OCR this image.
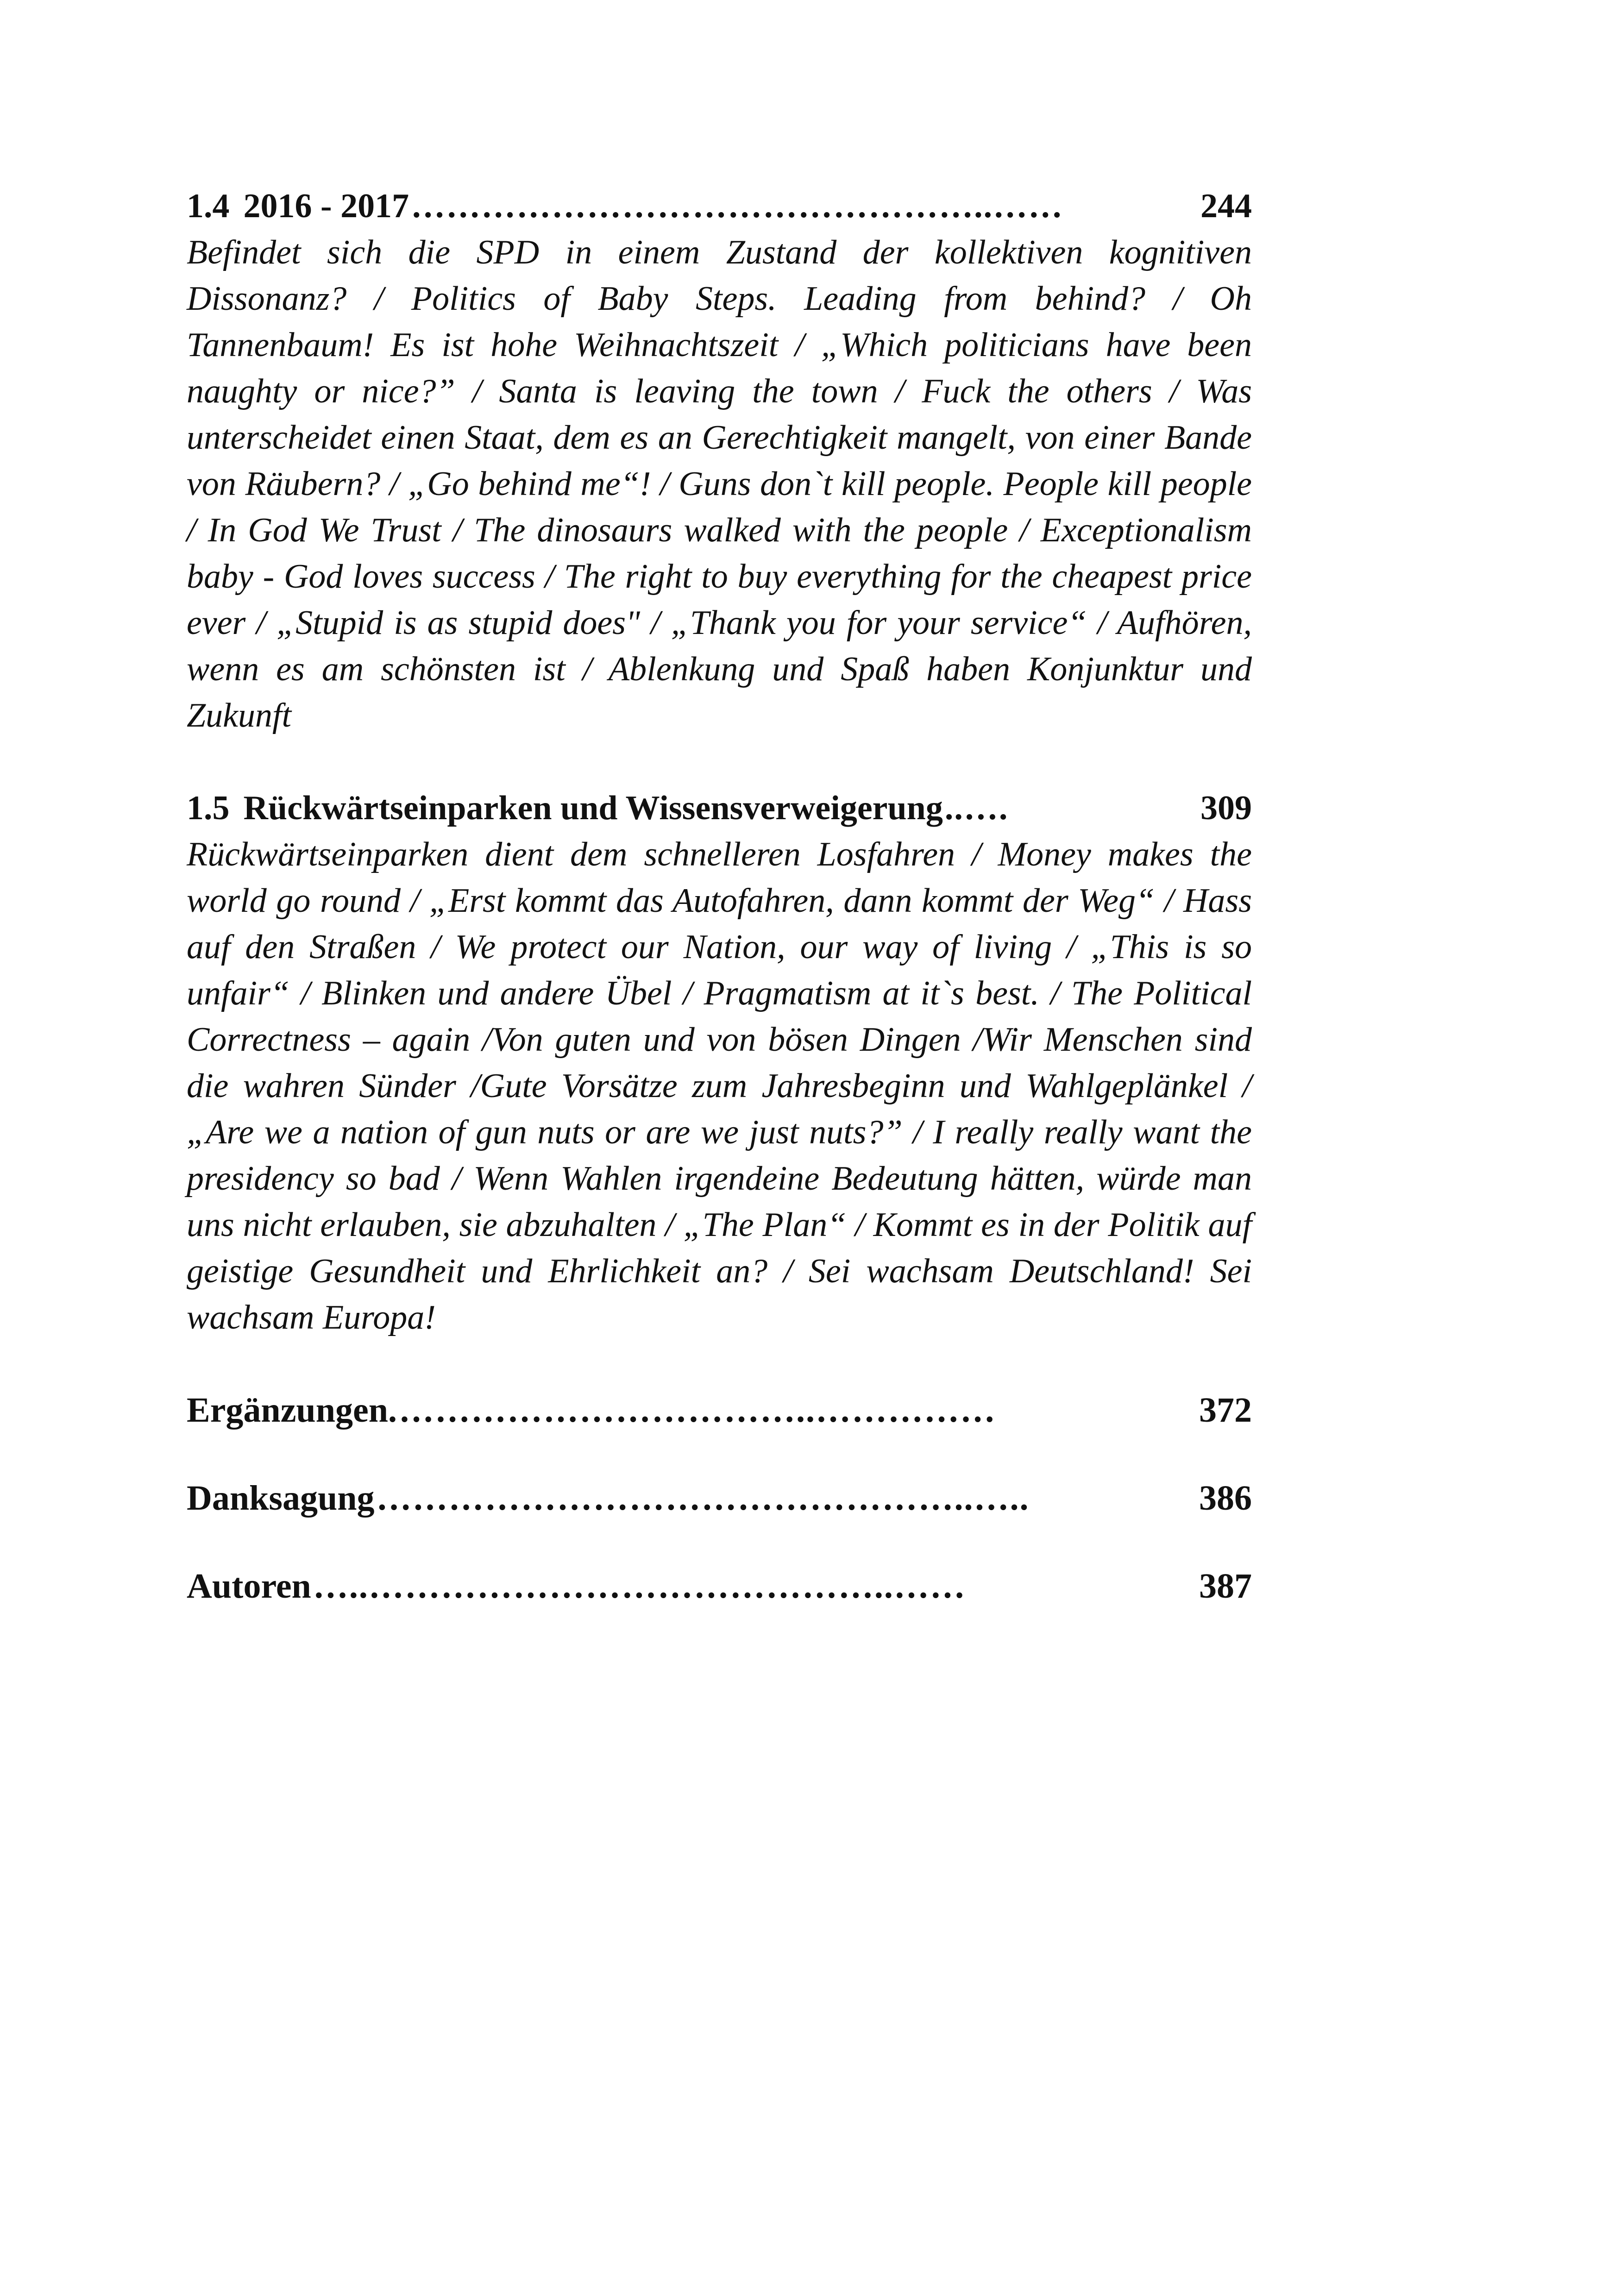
1.4 2016 - 2017 …………………………………………..……	244

Befindet sich die SPD in einem Zustand der kollektiven kognitiven Dissonanz? / Politics of Baby Steps. Leading from behind? / Oh Tannenbaum! Es ist hohe Weihnachtszeit / „Which politicians have been naughty or nice?” / Santa is leaving the town / Fuck the others / Was unterscheidet einen Staat, dem es an Gerechtigkeit mangelt, von einer Bande von Räubern? / „Go behind me“! / Guns don`t kill people. People kill people / In God We Trust / The dinosaurs walked with the people / Exceptionalism baby - God loves success / The right to buy everything for the cheapest price ever / „Stupid is as stupid does" / „Thank you for your service“ / Aufhören, wenn es am schönsten ist / Ablenkung und Spaß haben Konjunktur und Zukunft

1.5 Rückwärtseinparken und Wissensverweigerung ..….	309

Rückwärtseinparken dient dem schnelleren Losfahren / Money makes the world go round / „Erst kommt das Autofahren, dann kommt der Weg“ / Hass auf den Straßen / We protect our Nation, our way of living / „This is so unfair“ / Blinken und andere Übel / Pragmatism at it`s best. / The Political Correctness – again /Von guten und von bösen Dingen /Wir Menschen sind die wahren Sünder /Gute Vorsätze zum Jahresbeginn und Wahlgeplänkel / „Are we a nation of gun nuts or are we just nuts?” / I really really want the presidency so bad / Wenn Wahlen irgendeine Bedeutung hätten, würde man uns nicht erlauben, sie abzuhalten / „The Plan“ / Kommt es in der Politik auf geistige Gesundheit und Ehrlichkeit an? / Sei wachsam Deutschland! Sei wachsam Europa!

Ergänzungen. ……………………………..……………	372
Danksagung …………………………………………..…..	386
Autoren …..……………………………………..……	387
